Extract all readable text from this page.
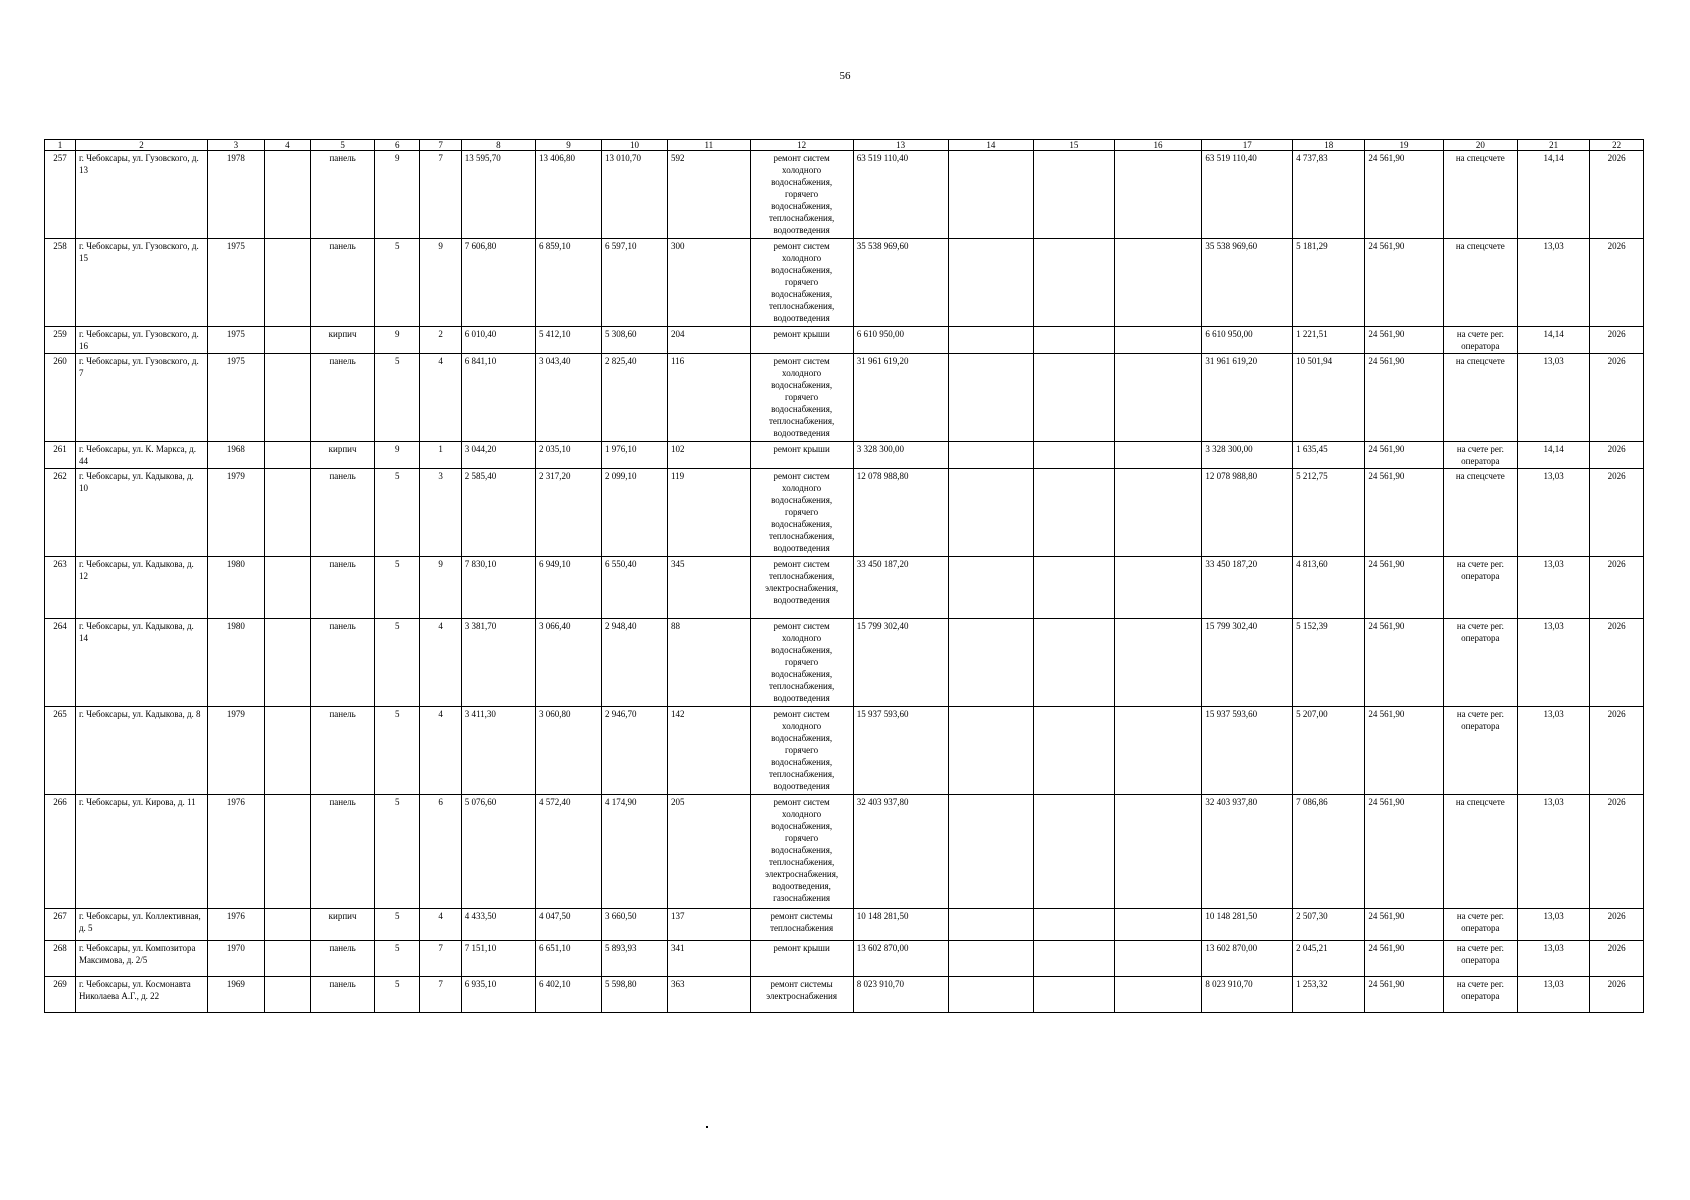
56
1	2	3	4	5	6	7	8	9	10	11	12	13	14	15	16	17	18	19	20	21	22
257	г. Чебоксары, ул. Гузовского, д. 13	1978		панель	9	7	13 595,70	13 406,80	13 010,70	592	ремонт систем холодного водоснабжения, горячего водоснабжения, теплоснабжения, водоотведения	63 519 110,40				63 519 110,40	4 737,83	24 561,90	на спецсчете	14,14	2026
258	г. Чебоксары, ул. Гузовского, д. 15	1975		панель	5	9	7 606,80	6 859,10	6 597,10	300	ремонт систем холодного водоснабжения, горячего водоснабжения, теплоснабжения, водоотведения	35 538 969,60				35 538 969,60	5 181,29	24 561,90	на спецсчете	13,03	2026
259	г. Чебоксары, ул. Гузовского, д. 16	1975		кирпич	9	2	6 010,40	5 412,10	5 308,60	204	ремонт крыши	6 610 950,00				6 610 950,00	1 221,51	24 561,90	на счете рег. оператора	14,14	2026
260	г. Чебоксары, ул. Гузовского, д. 7	1975		панель	5	4	6 841,10	3 043,40	2 825,40	116	ремонт систем холодного водоснабжения, горячего водоснабжения, теплоснабжения, водоотведения	31 961 619,20				31 961 619,20	10 501,94	24 561,90	на спецсчете	13,03	2026
261	г. Чебоксары, ул. К. Маркса, д. 44	1968		кирпич	9	1	3 044,20	2 035,10	1 976,10	102	ремонт крыши	3 328 300,00				3 328 300,00	1 635,45	24 561,90	на счете рег. оператора	14,14	2026
262	г. Чебоксары, ул. Кадыкова, д. 10	1979		панель	5	3	2 585,40	2 317,20	2 099,10	119	ремонт систем холодного водоснабжения, горячего водоснабжения, теплоснабжения, водоотведения	12 078 988,80				12 078 988,80	5 212,75	24 561,90	на спецсчете	13,03	2026
263	г. Чебоксары, ул. Кадыкова, д. 12	1980		панель	5	9	7 830,10	6 949,10	6 550,40	345	ремонт систем теплоснабжения, электроснабжения, водоотведения	33 450 187,20				33 450 187,20	4 813,60	24 561,90	на счете рег. оператора	13,03	2026
264	г. Чебоксары, ул. Кадыкова, д. 14	1980		панель	5	4	3 381,70	3 066,40	2 948,40	88	ремонт систем холодного водоснабжения, горячего водоснабжения, теплоснабжения, водоотведения	15 799 302,40				15 799 302,40	5 152,39	24 561,90	на счете рег. оператора	13,03	2026
265	г. Чебоксары, ул. Кадыкова, д. 8	1979		панель	5	4	3 411,30	3 060,80	2 946,70	142	ремонт систем холодного водоснабжения, горячего водоснабжения, теплоснабжения, водоотведения	15 937 593,60				15 937 593,60	5 207,00	24 561,90	на счете рег. оператора	13,03	2026
266	г. Чебоксары, ул. Кирова, д. 11	1976		панель	5	6	5 076,60	4 572,40	4 174,90	205	ремонт систем холодного водоснабжения, горячего водоснабжения, теплоснабжения, электроснабжения, водоотведения, газоснабжения	32 403 937,80				32 403 937,80	7 086,86	24 561,90	на спецсчете	13,03	2026
267	г. Чебоксары, ул. Коллективная, д. 5	1976		кирпич	5	4	4 433,50	4 047,50	3 660,50	137	ремонт системы теплоснабжения	10 148 281,50				10 148 281,50	2 507,30	24 561,90	на счете рег. оператора	13,03	2026
268	г. Чебоксары, ул. Композитора Максимова, д. 2/5	1970		панель	5	7	7 151,10	6 651,10	5 893,93	341	ремонт крыши	13 602 870,00				13 602 870,00	2 045,21	24 561,90	на счете рег. оператора	13,03	2026
269	г. Чебоксары, ул. Космонавта Николаева А.Г., д. 22	1969		панель	5	7	6 935,10	6 402,10	5 598,80	363	ремонт системы электроснабжения	8 023 910,70				8 023 910,70	1 253,32	24 561,90	на счете рег. оператора	13,03	2026
